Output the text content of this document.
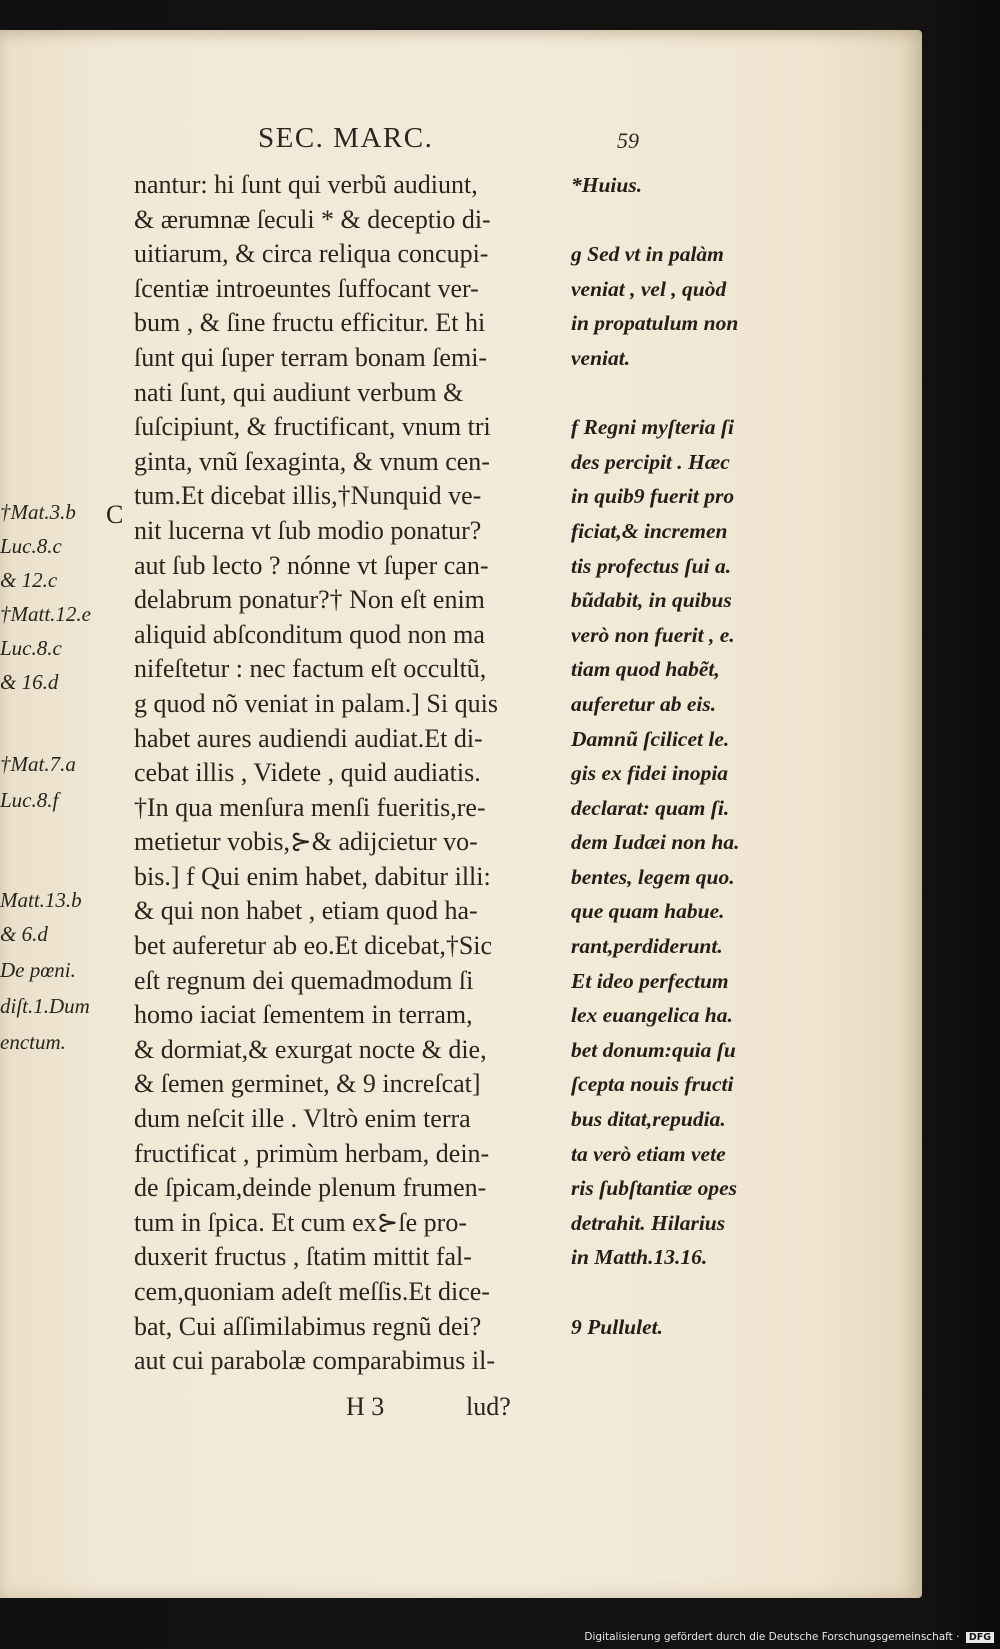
SEC. MARC.	59
C
†Mat.3.b
Luc.8.c
& 12.c
†Matt.12.e
Luc.8.c
& 16.d
†Mat.7.a
Luc.8.f
Matt.13.b
& 6.d
De pœni.
diſt.1.Dum
enctum.
nantur: hi ſunt qui verbũ audiunt,
& ærumnæ ſeculi * & deceptio di-
uitiarum, & circa reliqua concupi-
ſcentiæ introeuntes ſuffocant ver-
bum , & ſine fructu efficitur. Et hi
ſunt qui ſuper terram bonam ſemi-
nati ſunt, qui audiunt verbum &
ſuſcipiunt, & fructificant, vnum tri
ginta, vnũ ſexaginta, & vnum cen-
tum.Et dicebat illis,†Nunquid ve-
nit lucerna vt ſub modio ponatur?
aut ſub lecto ? nónne vt ſuper can-
delabrum ponatur?† Non eſt enim
aliquid abſconditum quod non ma
nifeſtetur : nec factum eſt occultũ,
g quod nõ veniat in palam.] Si quis
habet aures audiendi audiat.Et di-
cebat illis , Videte , quid audiatis.
†In qua menſura menſi fueritis,re-
metietur vobis,⊱& adijcietur vo-
bis.] f Qui enim habet, dabitur illi:
& qui non habet , etiam quod ha-
bet auferetur ab eo.Et dicebat,†Sic
eſt regnum dei quemadmodum ſi
homo iaciat ſementem in terram,
& dormiat,& exurgat nocte & die,
& ſemen germinet, & 9 increſcat]
dum neſcit ille . Vltrò enim terra
fructificat , primùm herbam, dein-
de ſpicam,deinde plenum frumen-
tum in ſpica. Et cum ex⊱ſe pro-
duxerit fructus , ſtatim mittit fal-
cem,quoniam adeſt meſſis.Et dice-
bat, Cui aſſimilabimus regnũ dei?
aut cui parabolæ comparabimus il-
*Huius.
g Sed vt in palàm
veniat , vel , quòd
in propatulum non
veniat.
f Regni myſteria ſi
des percipit . Hæc
in quib9 fuerit pro
ficiat,& incremen
tis profectus ſui a.
bũdabit, in quibus
verò non fuerit , e.
tiam quod habẽt,
auferetur ab eis.
Damnũ ſcilicet le.
gis ex fidei inopia
declarat: quam ſi.
dem Iudæi non ha.
bentes, legem quo.
que quam habue.
rant,perdiderunt.
Et ideo perfectum
lex euangelica ha.
bet donum:quia ſu
ſcepta nouis fructi
bus ditat,repudia.
ta verò etiam vete
ris ſubſtantiæ opes
detrahit. Hilarius
in Matth.13.16.
9 Pullulet.
H 3	lud?
Digitalisierung gefördert durch die Deutsche Forschungsgemeinschaft · DFG
